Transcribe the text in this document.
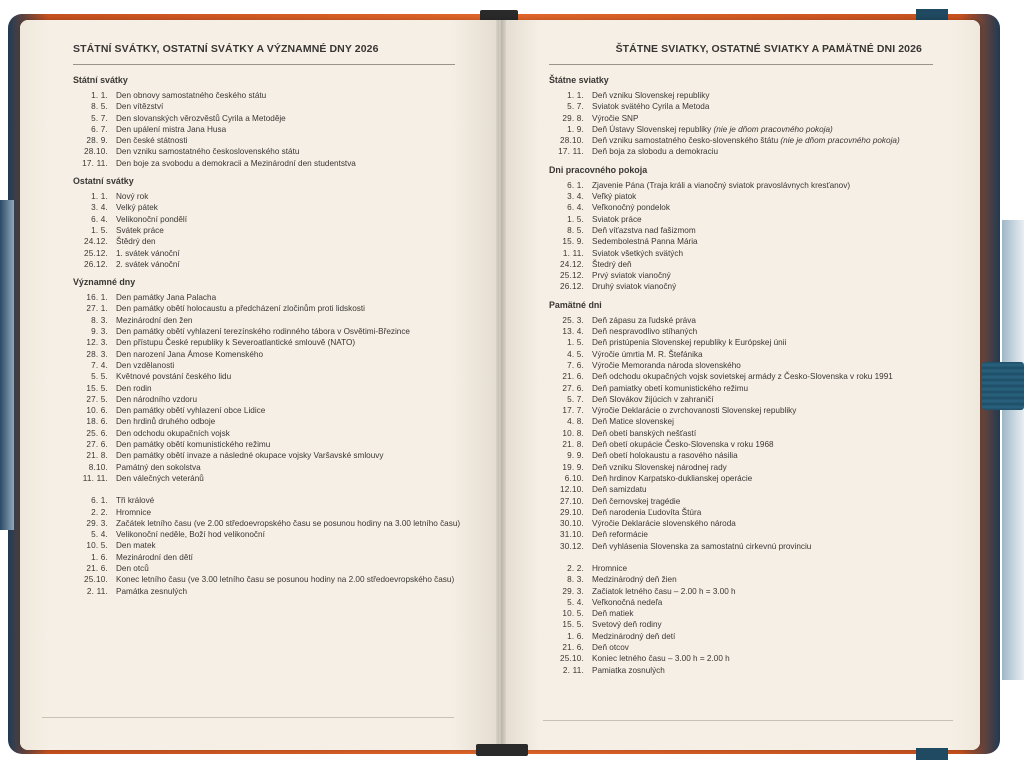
STÁTNÍ SVÁTKY, OSTATNÍ SVÁTKY A VÝZNAMNÉ DNY 2026
Státní svátky
1. 1. Den obnovy samostatného českého státu
8. 5. Den vítězství
5. 7. Den slovanských věrozvěstů Cyrila a Metoděje
6. 7. Den upálení mistra Jana Husa
28. 9. Den české státnosti
28.10. Den vzniku samostatného československého státu
17. 11. Den boje za svobodu a demokracii a Mezinárodní den studentstva
Ostatní svátky
1. 1. Nový rok
3. 4. Velký pátek
6. 4. Velikonoční pondělí
1. 5. Svátek práce
24.12. Štědrý den
25.12. 1. svátek vánoční
26.12. 2. svátek vánoční
Významné dny
16. 1. Den památky Jana Palacha
27. 1. Den památky obětí holocaustu a předcházení zločinům proti lidskosti
8. 3. Mezinárodní den žen
9. 3. Den památky obětí vyhlazení terezínského rodinného tábora v Osvětimi-Březince
12. 3. Den přístupu České republiky k Severoatlantické smlouvě (NATO)
28. 3. Den narození Jana Ámose Komenského
7. 4. Den vzdělanosti
5. 5. Květnové povstání českého lidu
15. 5. Den rodin
27. 5. Den národního vzdoru
10. 6. Den památky obětí vyhlazení obce Lidice
18. 6. Den hrdinů druhého odboje
25. 6. Den odchodu okupačních vojsk
27. 6. Den památky obětí komunistického režimu
21. 8. Den památky obětí invaze a následné okupace vojsky Varšavské smlouvy
8.10. Památný den sokolstva
11. 11. Den válečných veteránů
6. 1. Tři králové
2. 2. Hromnice
29. 3. Začátek letního času (ve 2.00 středoevropského času se posunou hodiny na 3.00 letního času)
5. 4. Velikonoční neděle, Boží hod velikonoční
10. 5. Den matek
1. 6. Mezinárodní den dětí
21. 6. Den otců
25.10. Konec letního času (ve 3.00 letního času se posunou hodiny na 2.00 středoevropského času)
2. 11. Památka zesnulých
ŠTÁTNE SVIATKY, OSTATNÉ SVIATKY A PAMÄTNÉ DNI 2026
Štátne sviatky
1. 1. Deň vzniku Slovenskej republiky
5. 7. Sviatok svätého Cyrila a Metoda
29. 8. Výročie SNP
1. 9. Deň Ústavy Slovenskej republiky (nie je dňom pracovného pokoja)
28.10. Deň vzniku samostatného česko-slovenského štátu (nie je dňom pracovného pokoja)
17. 11. Deň boja za slobodu a demokraciu
Dni pracovného pokoja
6. 1. Zjavenie Pána (Traja králi a vianočný sviatok pravoslávnych kresťanov)
3. 4. Veľký piatok
6. 4. Veľkonočný pondelok
1. 5. Sviatok práce
8. 5. Deň víťazstva nad fašizmom
15. 9. Sedembolestná Panna Mária
1. 11. Sviatok všetkých svätých
24.12. Štedrý deň
25.12. Prvý sviatok vianočný
26.12. Druhý sviatok vianočný
Pamätné dni
25. 3. Deň zápasu za ľudské práva
13. 4. Deň nespravodlivo stíhaných
1. 5. Deň pristúpenia Slovenskej republiky k Európskej únii
4. 5. Výročie úmrtia M. R. Štefánika
7. 6. Výročie Memoranda národa slovenského
21. 6. Deň odchodu okupačných vojsk sovietskej armády z Česko-Slovenska v roku 1991
27. 6. Deň pamiatky obetí komunistického režimu
5. 7. Deň Slovákov žijúcich v zahraničí
17. 7. Výročie Deklarácie o zvrchovanosti Slovenskej republiky
4. 8. Deň Matice slovenskej
10. 8. Deň obetí banských nešťastí
21. 8. Deň obetí okupácie Česko-Slovenska v roku 1968
9. 9. Deň obetí holokaustu a rasového násilia
19. 9. Deň vzniku Slovenskej národnej rady
6.10. Deň hrdinov Karpatsko-duklianskej operácie
12.10. Deň samizdatu
27.10. Deň černovskej tragédie
29.10. Deň narodenia Ľudovíta Štúra
30.10. Výročie Deklarácie slovenského národa
31.10. Deň reformácie
30.12. Deň vyhlásenia Slovenska za samostatnú cirkevnú provinciu
2. 2. Hromnice
8. 3. Medzinárodný deň žien
29. 3. Začiatok letného času – 2.00 h = 3.00 h
5. 4. Veľkonočná nedeľa
10. 5. Deň matiek
15. 5. Svetový deň rodiny
1. 6. Medzinárodný deň detí
21. 6. Deň otcov
25.10. Koniec letného času – 3.00 h = 2.00 h
2. 11. Pamiatka zosnulých
